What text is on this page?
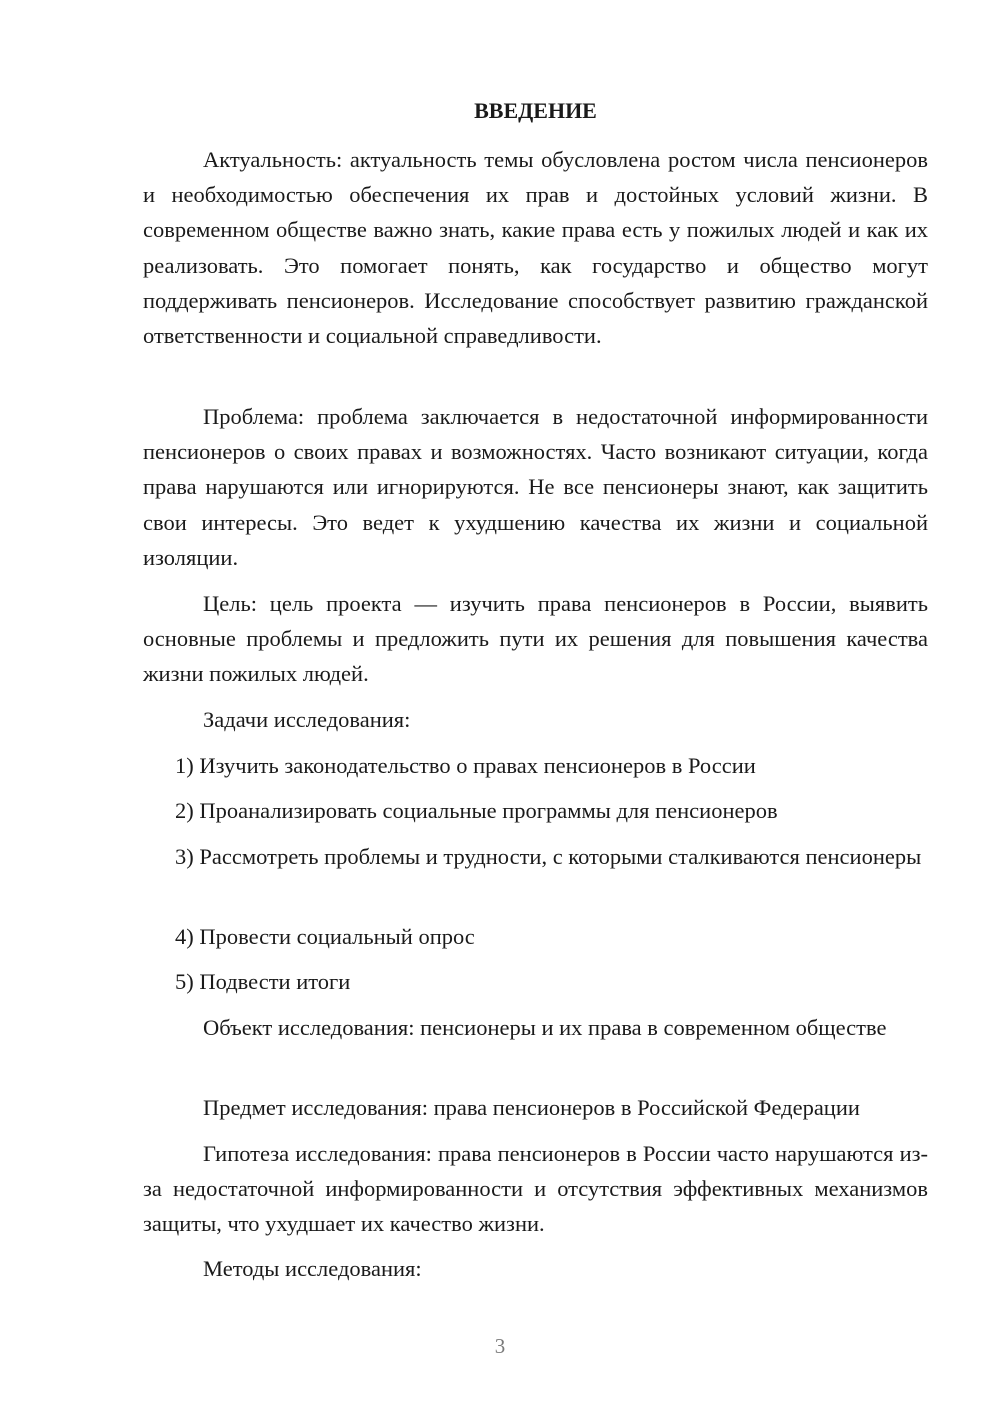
ВВЕДЕНИЕ

Актуальность: актуальность темы обусловлена ростом числа пенсионеров и необходимостью обеспечения их прав и достойных условий жизни. В современном обществе важно знать, какие права есть у пожилых людей и как их реализовать. Это помогает понять, как государство и общество могут поддерживать пенсионеров. Исследование способствует развитию гражданской ответственности и социальной справедливости.

Проблема: проблема заключается в недостаточной информированности пенсионеров о своих правах и возможностях. Часто возникают ситуации, когда права нарушаются или игнорируются. Не все пенсионеры знают, как защитить свои интересы. Это ведет к ухудшению качества их жизни и социальной изоляции.

Цель: цель проекта — изучить права пенсионеров в России, выявить основные проблемы и предложить пути их решения для повышения качества жизни пожилых людей.

Задачи исследования:

1) Изучить законодательство о правах пенсионеров в России

2) Проанализировать социальные программы для пенсионеров

3) Рассмотреть проблемы и трудности, с которыми сталкиваются пенсионеры

4) Провести социальный опрос

5) Подвести итоги

Объект исследования: пенсионеры и их права в современном обществе

Предмет исследования: права пенсионеров в Российской Федерации

Гипотеза исследования: права пенсионеров в России часто нарушаются из-за недостаточной информированности и отсутствия эффективных механизмов защиты, что ухудшает их качество жизни.

Методы исследования:

3
